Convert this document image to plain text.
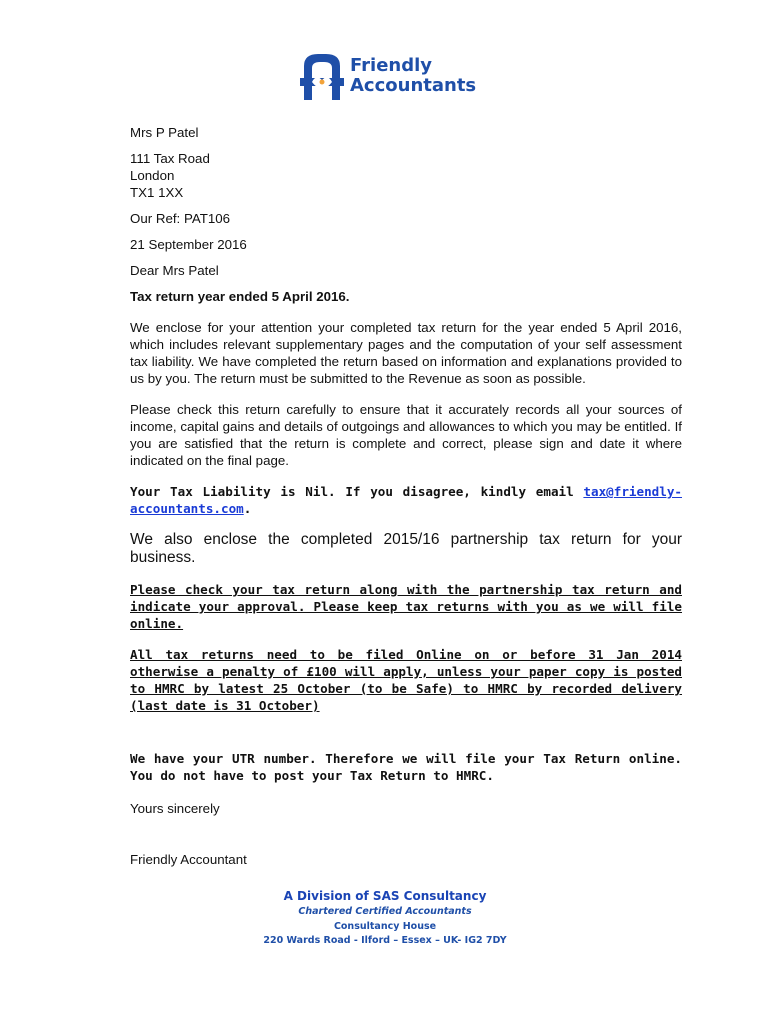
Friendly
Accountants

Mrs P Patel

111 Tax Road

London

TX1 1XX

Our Ref: PAT106

21 September 2016

Dear Mrs Patel

Tax return year ended 5 April 2016.

We enclose for your attention your completed tax return for the year ended 5 April 2016, which includes relevant supplementary pages and the computation of your self assessment tax liability. We have completed the return based on information and explanations provided to us by you. The return must be submitted to the Revenue as soon as possible.

Please check this return carefully to ensure that it accurately records all your sources of income, capital gains and details of outgoings and allowances to which you may be entitled. If you are satisfied that the return is complete and correct, please sign and date it where indicated on the final page.

Your Tax Liability is Nil. If you disagree, kindly email tax@friendly-accountants.com.

We also enclose the completed 2015/16 partnership tax return for your business.

Please check your tax return along with the partnership tax return and indicate your approval. Please keep tax returns with you as we will file online.

All tax returns need to be filed Online on or before 31 Jan 2014 otherwise a penalty of £100 will apply, unless your paper copy is posted to HMRC by latest 25 October (to be Safe) to HMRC by recorded delivery (last date is 31 October)

We have your UTR number. Therefore we will file your Tax Return online. You do not have to post your Tax Return to HMRC.

Yours sincerely

Friendly Accountant

A Division of SAS Consultancy
Chartered Certified Accountants
Consultancy House
220 Wards Road - Ilford – Essex – UK- IG2 7DY
